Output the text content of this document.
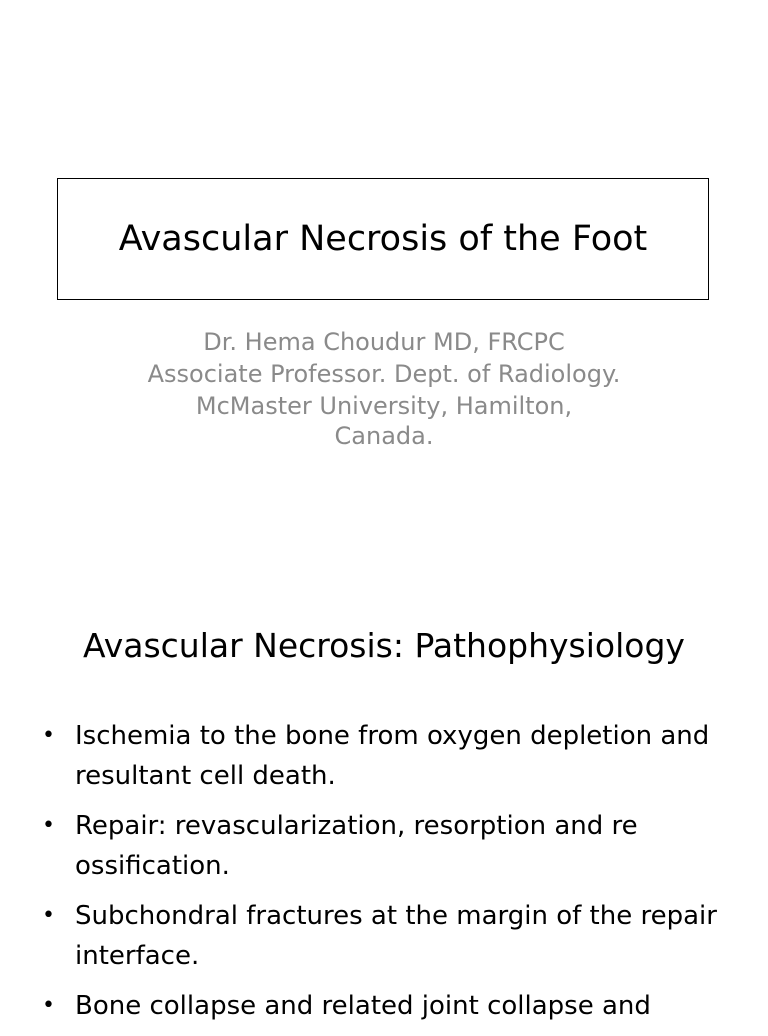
Avascular Necrosis of the Foot
Dr. Hema Choudur MD, FRCPC
Associate Professor. Dept. of Radiology.
McMaster University, Hamilton,
Canada.
Avascular Necrosis: Pathophysiology
• Ischemia to the bone from oxygen depletion and resultant cell death.
• Repair: revascularization, resorption and re ossification.
• Subchondral fractures at the margin of the repair interface.
• Bone collapse and related joint collapse and
